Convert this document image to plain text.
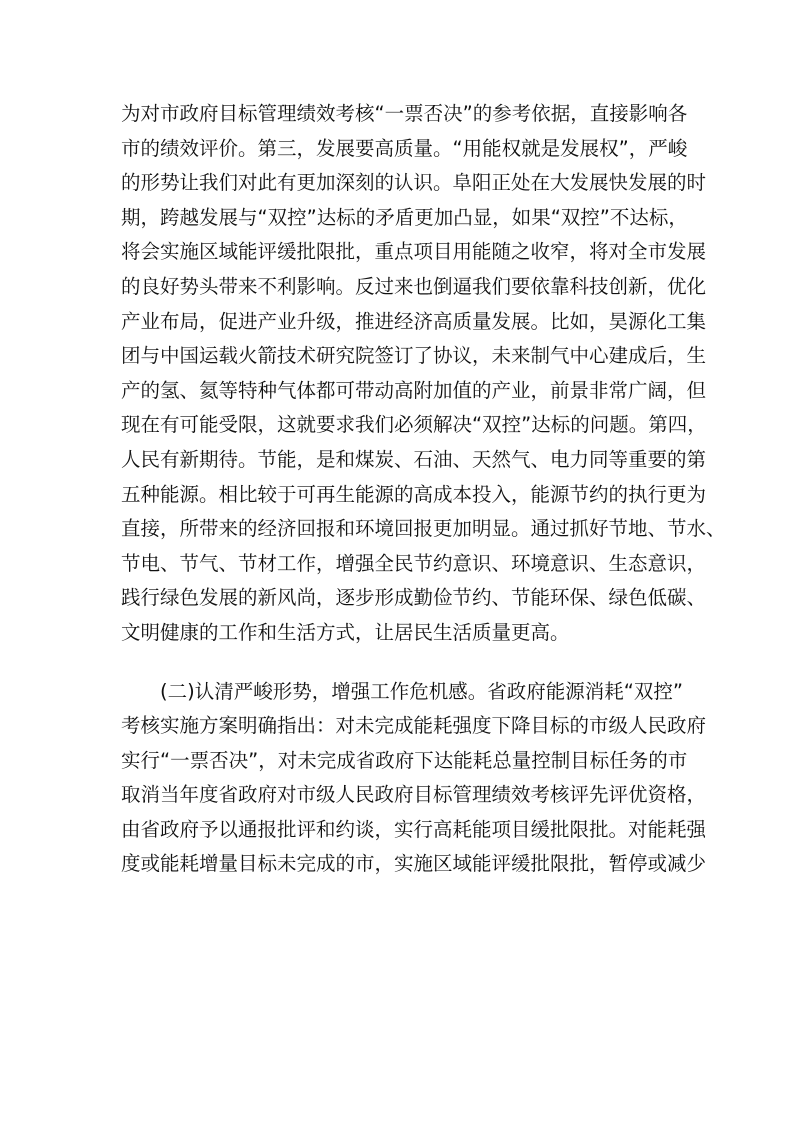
为对市政府目标管理绩效考核“一票否决”的参考依据，直接影响各
市的绩效评价。第三，发展要高质量。“用能权就是发展权”，严峻
的形势让我们对此有更加深刻的认识。阜阳正处在大发展快发展的时
期，跨越发展与“双控”达标的矛盾更加凸显，如果“双控”不达标，
将会实施区域能评缓批限批，重点项目用能随之收窄，将对全市发展
的良好势头带来不利影响。反过来也倒逼我们要依靠科技创新，优化
产业布局，促进产业升级，推进经济高质量发展。比如，昊源化工集
团与中国运载火箭技术研究院签订了协议，未来制气中心建成后，生
产的氢、氦等特种气体都可带动高附加值的产业，前景非常广阔，但
现在有可能受限，这就要求我们必须解决“双控”达标的问题。第四，
人民有新期待。节能，是和煤炭、石油、天然气、电力同等重要的第
五种能源。相比较于可再生能源的高成本投入，能源节约的执行更为
直接，所带来的经济回报和环境回报更加明显。通过抓好节地、节水、
节电、节气、节材工作，增强全民节约意识、环境意识、生态意识，
践行绿色发展的新风尚，逐步形成勤俭节约、节能环保、绿色低碳、
文明健康的工作和生活方式，让居民生活质量更高。
　　(二)认清严峻形势，增强工作危机感。省政府能源消耗“双控”
考核实施方案明确指出：对未完成能耗强度下降目标的市级人民政府
实行“一票否决”，对未完成省政府下达能耗总量控制目标任务的市
取消当年度省政府对市级人民政府目标管理绩效考核评先评优资格，
由省政府予以通报批评和约谈，实行高耗能项目缓批限批。对能耗强
度或能耗增量目标未完成的市，实施区域能评缓批限批，暂停或减少
